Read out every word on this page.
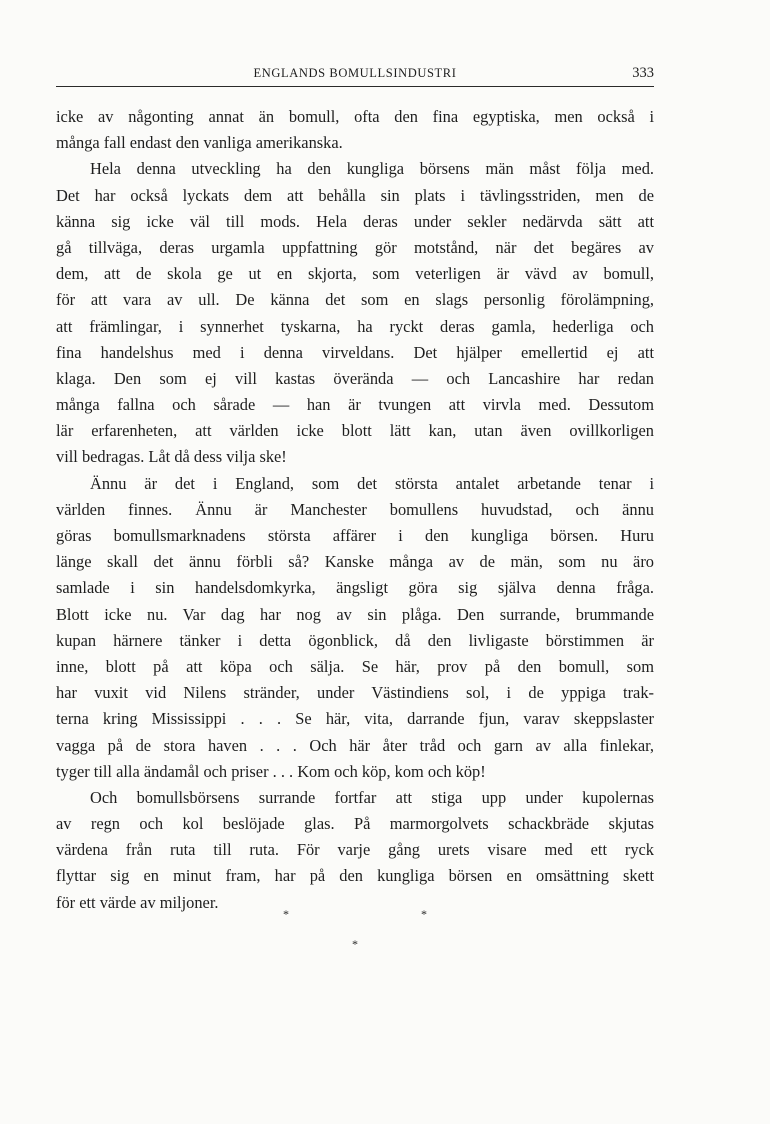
ENGLANDS BOMULLSINDUSTRI	333
icke av någonting annat än bomull, ofta den fina egyptiska, men också i
många fall endast den vanliga amerikanska.
Hela denna utveckling ha den kungliga börsens män måst följa med.
Det har också lyckats dem att behålla sin plats i tävlingsstriden, men de
känna sig icke väl till mods. Hela deras under sekler nedärvda sätt att
gå tillväga, deras urgamla uppfattning gör motstånd, när det begäres av
dem, att de skola ge ut en skjorta, som veterligen är vävd av bomull,
för att vara av ull. De känna det som en slags personlig förolämpning,
att främlingar, i synnerhet tyskarna, ha ryckt deras gamla, hederliga och
fina handelshus med i denna virveldans. Det hjälper emellertid ej att
klaga. Den som ej vill kastas överända — och Lancashire har redan
många fallna och sårade — han är tvungen att virvla med. Dessutom
lär erfarenheten, att världen icke blott lätt kan, utan även ovillkorligen
vill bedragas. Låt då dess vilja ske!
Ännu är det i England, som det största antalet arbetande tenar i
världen finnes. Ännu är Manchester bomullens huvudstad, och ännu
göras bomullsmarknadens största affärer i den kungliga börsen. Huru
länge skall det ännu förbli så? Kanske många av de män, som nu äro
samlade i sin handelsdomkyrka, ängsligt göra sig själva denna fråga.
Blott icke nu. Var dag har nog av sin plåga. Den surrande, brummande
kupan härnere tänker i detta ögonblick, då den livligaste börstimmen är
inne, blott på att köpa och sälja. Se här, prov på den bomull, som
har vuxit vid Nilens stränder, under Västindiens sol, i de yppiga trak-
terna kring Mississippi . . . Se här, vita, darrande fjun, varav skeppslaster
vagga på de stora haven . . . Och här åter tråd och garn av alla finlekar,
tyger till alla ändamål och priser . . . Kom och köp, kom och köp!
Och bomullsbörsens surrande fortfar att stiga upp under kupolernas
av regn och kol beslöjade glas. På marmorgolvets schackbräde skjutas
värdena från ruta till ruta. För varje gång urets visare med ett ryck
flyttar sig en minut fram, har på den kungliga börsen en omsättning skett
för ett värde av miljoner.
*	*
*
